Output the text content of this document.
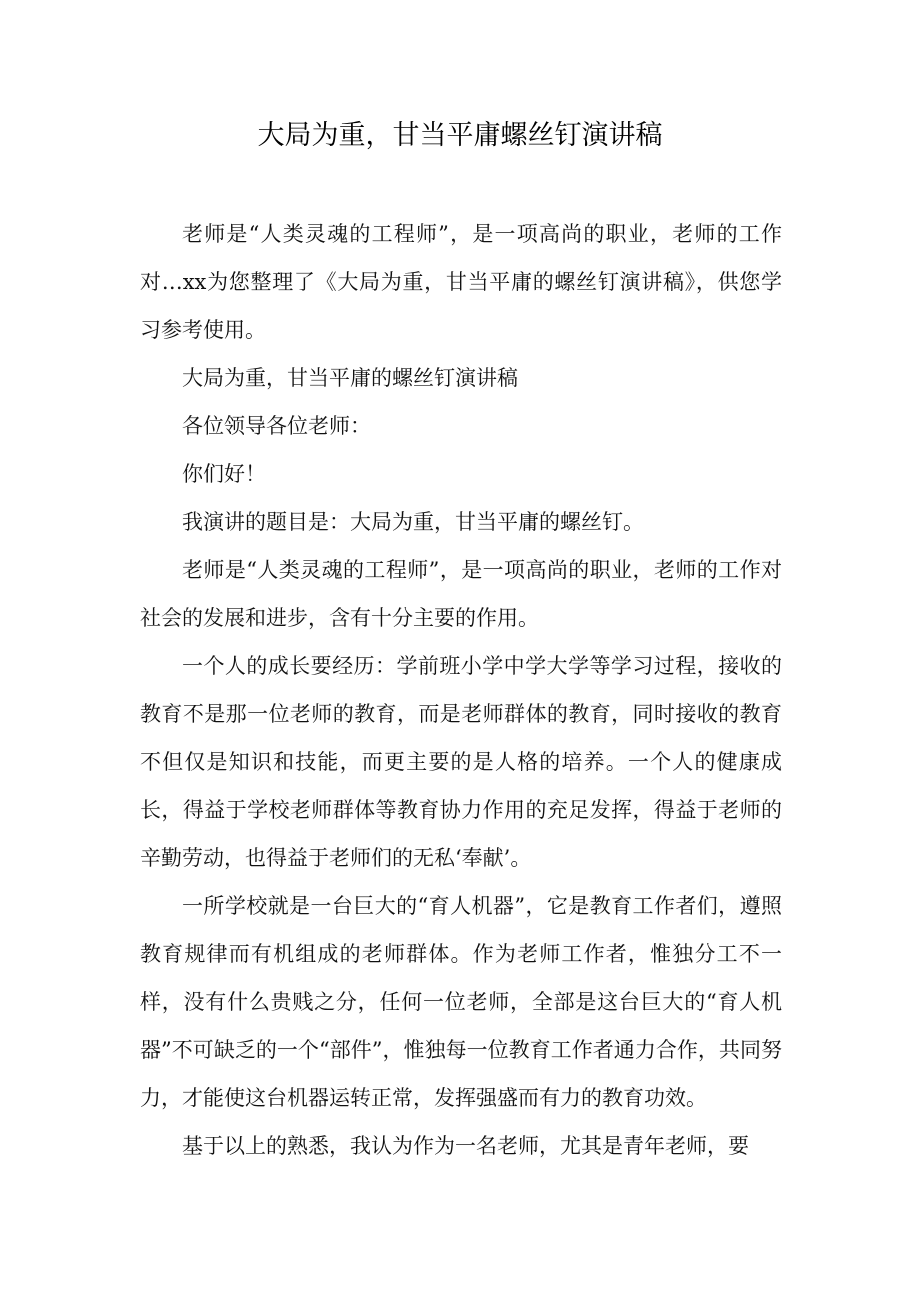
大局为重，甘当平庸螺丝钉演讲稿

老师是“人类灵魂的工程师”，是一项高尚的职业，老师的工作对…xx为您整理了《大局为重，甘当平庸的螺丝钉演讲稿》，供您学习参考使用。

大局为重，甘当平庸的螺丝钉演讲稿

各位领导各位老师：

你们好！

我演讲的题目是：大局为重，甘当平庸的螺丝钉。

老师是“人类灵魂的工程师”，是一项高尚的职业，老师的工作对社会的发展和进步，含有十分主要的作用。

一个人的成长要经历：学前班小学中学大学等学习过程，接收的教育不是那一位老师的教育，而是老师群体的教育，同时接收的教育不但仅是知识和技能，而更主要的是人格的培养。一个人的健康成长，得益于学校老师群体等教育协力作用的充足发挥，得益于老师的辛勤劳动，也得益于老师们的无私‘奉献’。

一所学校就是一台巨大的“育人机器”，它是教育工作者们，遵照教育规律而有机组成的老师群体。作为老师工作者，惟独分工不一样，没有什么贵贱之分，任何一位老师，全部是这台巨大的“育人机器”不可缺乏的一个“部件”，惟独每一位教育工作者通力合作，共同努力，才能使这台机器运转正常，发挥强盛而有力的教育功效。

基于以上的熟悉，我认为作为一名老师，尤其是青年老师，要
